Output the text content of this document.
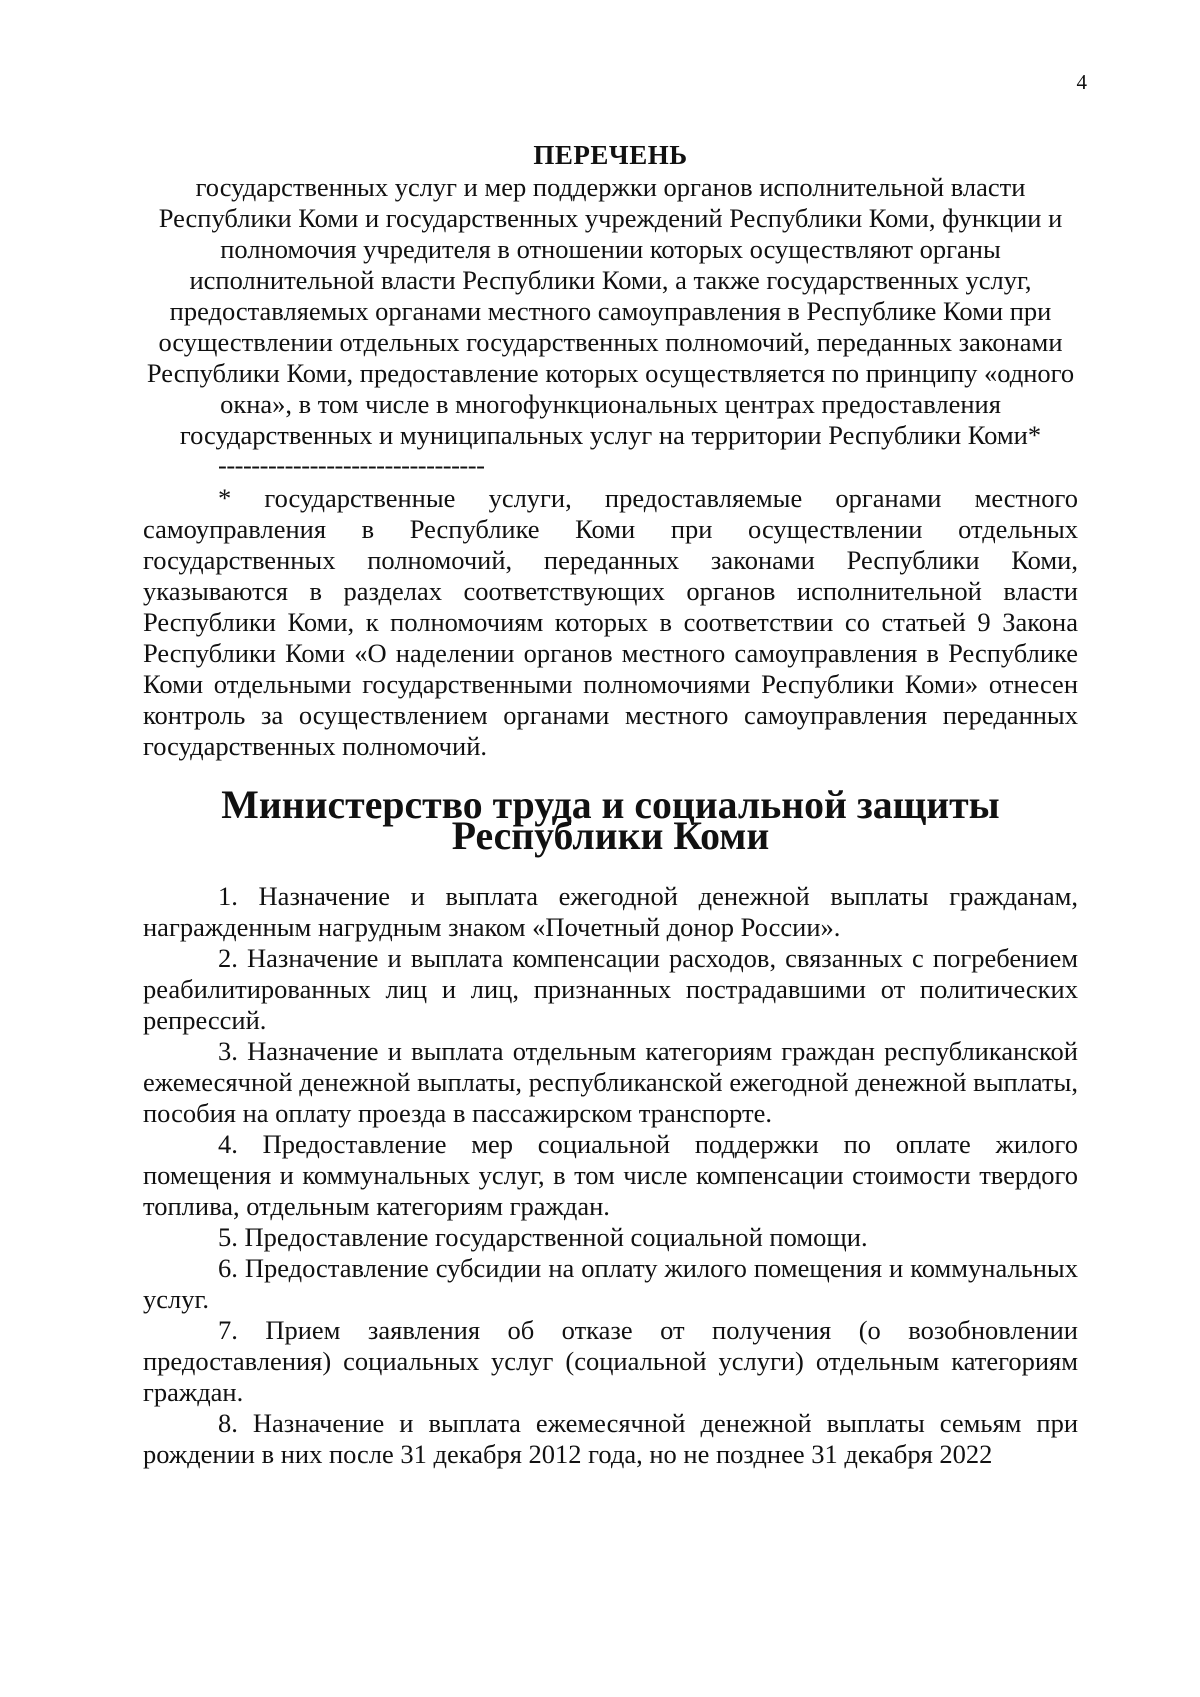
4
ПЕРЕЧЕНЬ

государственных услуг и мер поддержки органов исполнительной власти Республики Коми и государственных учреждений Республики Коми, функции и полномочия учредителя в отношении которых осуществляют органы исполнительной власти Республики Коми, а также государственных услуг, предоставляемых органами местного самоуправления в Республике Коми при осуществлении отдельных государственных полномочий, переданных законами Республики Коми, предоставление которых осуществляется по принципу «одного окна», в том числе в многофункциональных центрах предоставления государственных и муниципальных услуг на территории Республики Коми*

--------------------------------

* государственные услуги, предоставляемые органами местного самоуправления в Республике Коми при осуществлении отдельных государственных полномочий, переданных законами Республики Коми, указываются в разделах соответствующих органов исполнительной власти Республики Коми, к полномочиям которых в соответствии со статьей 9 Закона Республики Коми «О наделении органов местного самоуправления в Республике Коми отдельными государственными полномочиями Республики Коми» отнесен контроль за осуществлением органами местного самоуправления переданных государственных полномочий.

Министерство труда и социальной защиты Республики Коми
1. Назначение и выплата ежегодной денежной выплаты гражданам, награжденным нагрудным знаком «Почетный донор России».
2. Назначение и выплата компенсации расходов, связанных с погребением реабилитированных лиц и лиц, признанных пострадавшими от политических репрессий.
3. Назначение и выплата отдельным категориям граждан республиканской ежемесячной денежной выплаты, республиканской ежегодной денежной выплаты, пособия на оплату проезда в пассажирском транспорте.
4. Предоставление мер социальной поддержки по оплате жилого помещения и коммунальных услуг, в том числе компенсации стоимости твердого топлива, отдельным категориям граждан.
5. Предоставление государственной социальной помощи.
6. Предоставление субсидии на оплату жилого помещения и коммунальных услуг.
7. Прием заявления об отказе от получения (о возобновлении предоставления) социальных услуг (социальной услуги) отдельным категориям граждан.
8. Назначение и выплата ежемесячной денежной выплаты семьям при рождении в них после 31 декабря 2012 года, но не позднее 31 декабря 2022
